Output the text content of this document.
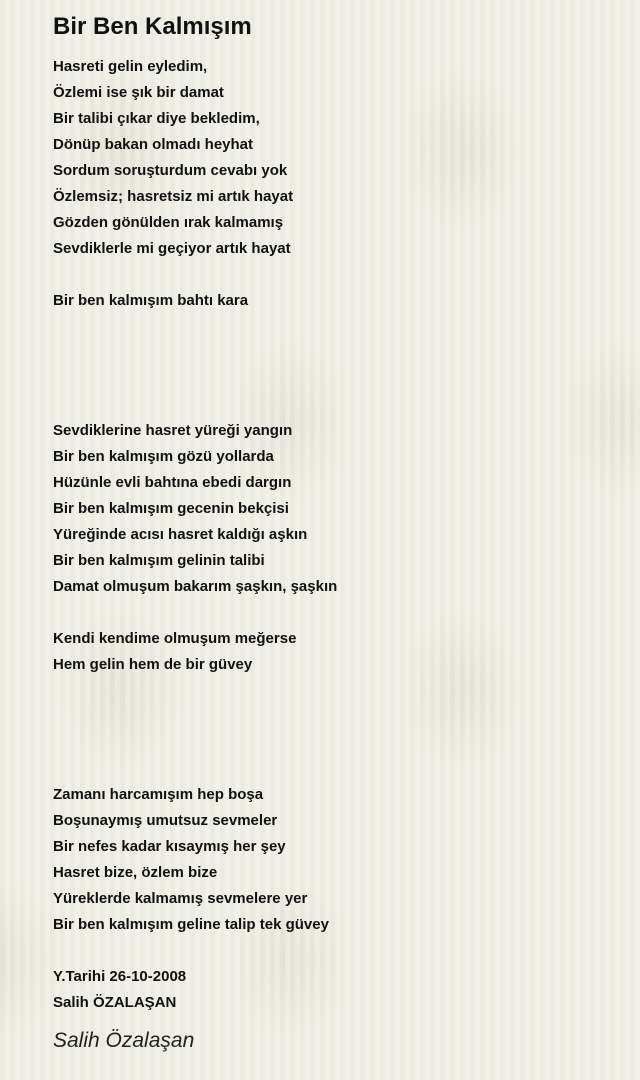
Bir Ben Kalmışım
Hasreti gelin eyledim,
Özlemi ise şık bir damat
Bir talibi çıkar diye bekledim,
Dönüp bakan olmadı heyhat
Sordum soruşturdum cevabı yok
Özlemsiz; hasretsiz mi artık hayat
Gözden gönülden ırak kalmamış
Sevdiklerle mi geçiyor artık hayat
Bir ben kalmışım bahtı kara
Sevdiklerine hasret yüreği yangın
Bir ben kalmışım gözü yollarda
Hüzünle evli bahtına ebedi dargın
Bir ben kalmışım gecenin bekçisi
Yüreğinde acısı hasret kaldığı aşkın
Bir ben kalmışım gelinin talibi
Damat olmuşum bakarım şaşkın, şaşkın
Kendi kendime olmuşum meğerse
Hem gelin hem de bir güvey
Zamanı harcamışım hep boşa
Boşunaymış umutsuz sevmeler
Bir nefes kadar kısaymış her şey
Hasret bize, özlem bize
Yüreklerde kalmamış sevmelere yer
Bir ben kalmışım geline talip tek güvey
Y.Tarihi 26-10-2008
Salih ÖZALAŞAN
Salih Özalaşan
